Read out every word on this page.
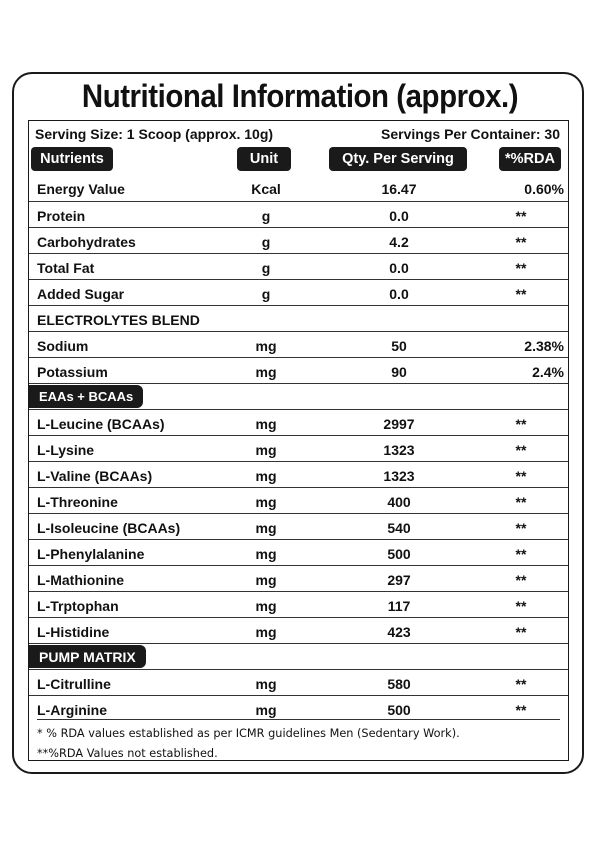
Nutritional Information (approx.)
Serving Size: 1 Scoop (approx. 10g)	Servings Per Container: 30
Nutrients	Unit	Qty. Per Serving	*%RDA
Energy Value	Kcal	16.47	0.60%
Protein	g	0.0	**
Carbohydrates	g	4.2	**
Total Fat	g	0.0	**
Added Sugar	g	0.0	**
ELECTROLYTES BLEND
Sodium	mg	50	2.38%
Potassium	mg	90	2.4%
EAAs + BCAAs
L-Leucine (BCAAs)	mg	2997	**
L-Lysine	mg	1323	**
L-Valine (BCAAs)	mg	1323	**
L-Threonine	mg	400	**
L-Isoleucine (BCAAs)	mg	540	**
L-Phenylalanine	mg	500	**
L-Mathionine	mg	297	**
L-Trptophan	mg	117	**
L-Histidine	mg	423	**
PUMP MATRIX
L-Citrulline	mg	580	**
L-Arginine	mg	500	**
* % RDA values established as per ICMR guidelines Men (Sedentary Work).
**%RDA Values not established.
